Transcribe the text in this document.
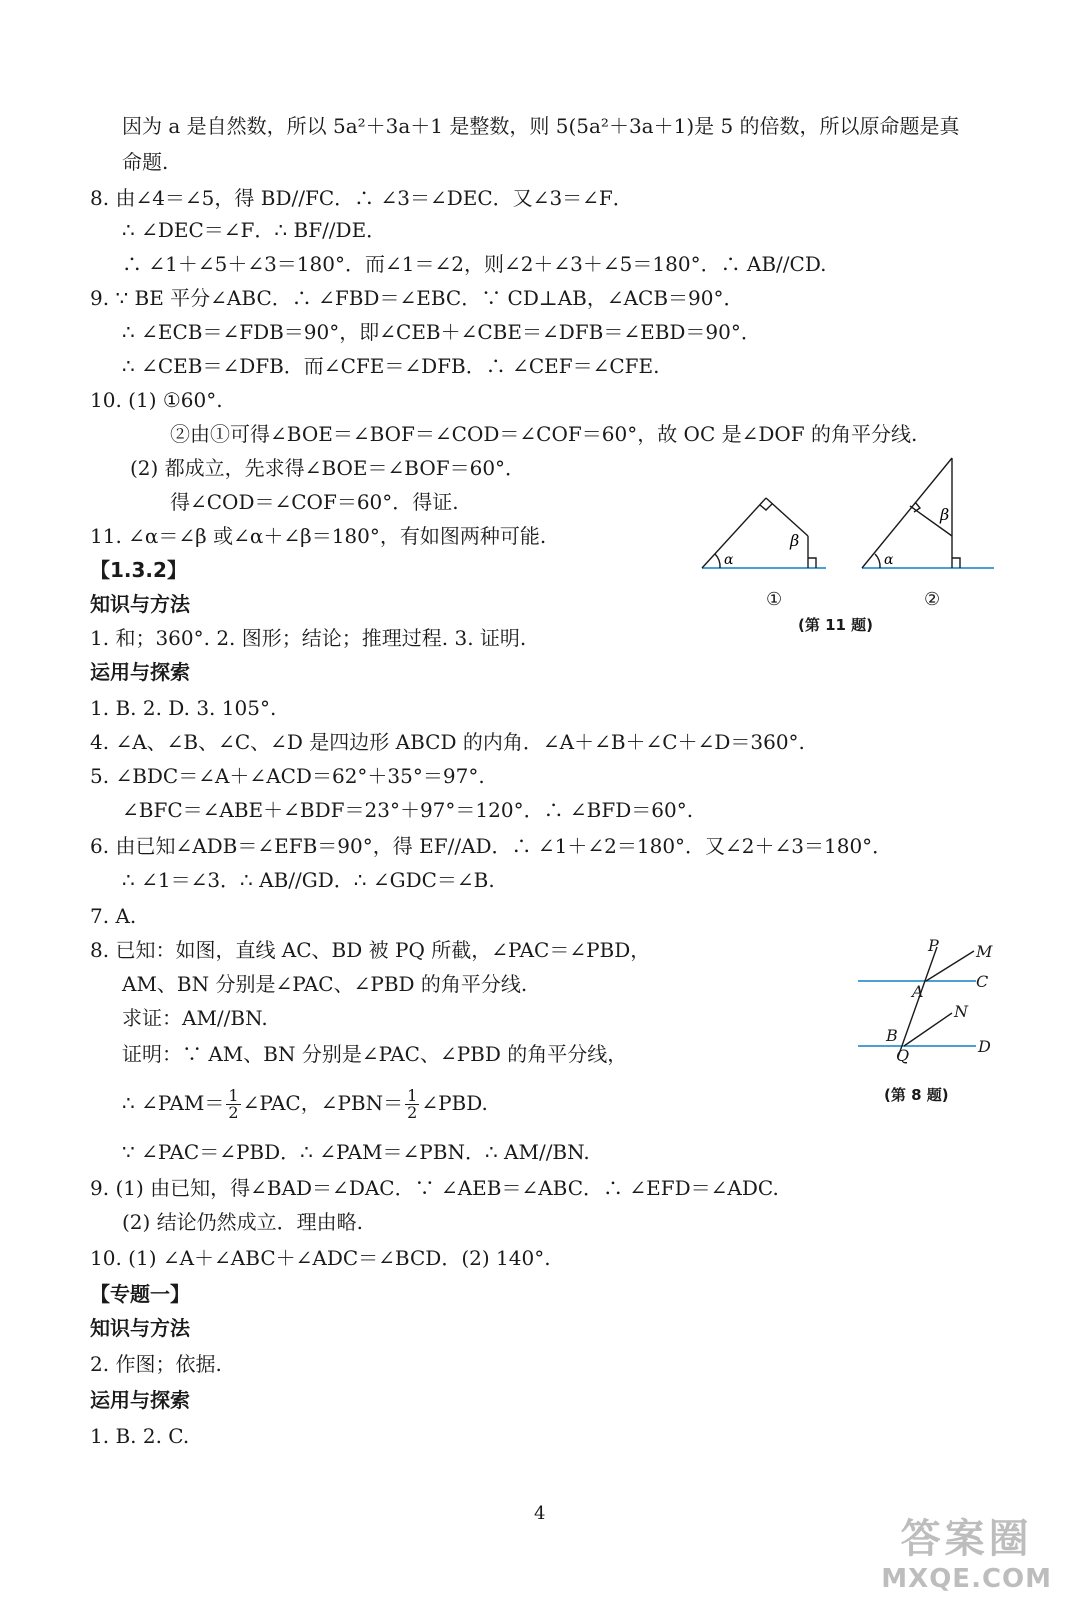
因为 a 是自然数，所以 5a²＋3a＋1 是整数，则 5(5a²＋3a＋1)是 5 的倍数，所以原命题是真
命题.
8. 由∠4＝∠5，得 BD//FC．∴ ∠3＝∠DEC．又∠3＝∠F．
∴ ∠DEC＝∠F．∴ BF//DE．
∴ ∠1＋∠5＋∠3＝180°．而∠1＝∠2，则∠2＋∠3＋∠5＝180°．∴ AB//CD.
9. ∵ BE 平分∠ABC．∴ ∠FBD＝∠EBC．∵ CD⊥AB，∠ACB＝90°．
∴ ∠ECB＝∠FDB＝90°，即∠CEB＋∠CBE＝∠DFB＝∠EBD＝90°．
∴ ∠CEB＝∠DFB．而∠CFE＝∠DFB．∴ ∠CEF＝∠CFE.
10. (1) ①60°.
②由①可得∠BOE＝∠BOF＝∠COD＝∠COF＝60°，故 OC 是∠DOF 的角平分线.
(2) 都成立，先求得∠BOE＝∠BOF＝60°．
得∠COD＝∠COF＝60°．得证.
11. ∠α＝∠β 或∠α＋∠β＝180°，有如图两种可能.
【1.3.2】
知识与方法
1. 和；360°. 2. 图形；结论；推理过程. 3. 证明.
运用与探索
1. B. 2. D. 3. 105°.
4. ∠A、∠B、∠C、∠D 是四边形 ABCD 的内角．∠A＋∠B＋∠C＋∠D＝360°.
5. ∠BDC＝∠A＋∠ACD＝62°＋35°＝97°.
∠BFC＝∠ABE＋∠BDF＝23°＋97°＝120°．∴ ∠BFD＝60°.
6. 由已知∠ADB＝∠EFB＝90°，得 EF//AD．∴ ∠1＋∠2＝180°．又∠2＋∠3＝180°．
∴ ∠1＝∠3．∴ AB//GD．∴ ∠GDC＝∠B.
7. A.
8. 已知：如图，直线 AC、BD 被 PQ 所截，∠PAC＝∠PBD，
AM、BN 分别是∠PAC、∠PBD 的角平分线.
求证：AM//BN.
证明：∵ AM、BN 分别是∠PAC、∠PBD 的角平分线，
∴ ∠PAM＝ $\frac{1}{2}$ ∠PAC，∠PBN＝ $\frac{1}{2}$ ∠PBD.
∵ ∠PAC＝∠PBD．∴ ∠PAM＝∠PBN．∴ AM//BN.
9. (1) 由已知，得∠BAD＝∠DAC．∵ ∠AEB＝∠ABC．∴ ∠EFD＝∠ADC.
(2) 结论仍然成立．理由略.
10. (1) ∠A＋∠ABC＋∠ADC＝∠BCD．(2) 140°.
【专题一】
知识与方法
2. 作图；依据.
运用与探索
1. B. 2. C.
α
β
α
β
①	②
(第 11 题)
P M
C
A
N
B
D
Q
(第 8 题)
4
答案圈
MXQE.COM
